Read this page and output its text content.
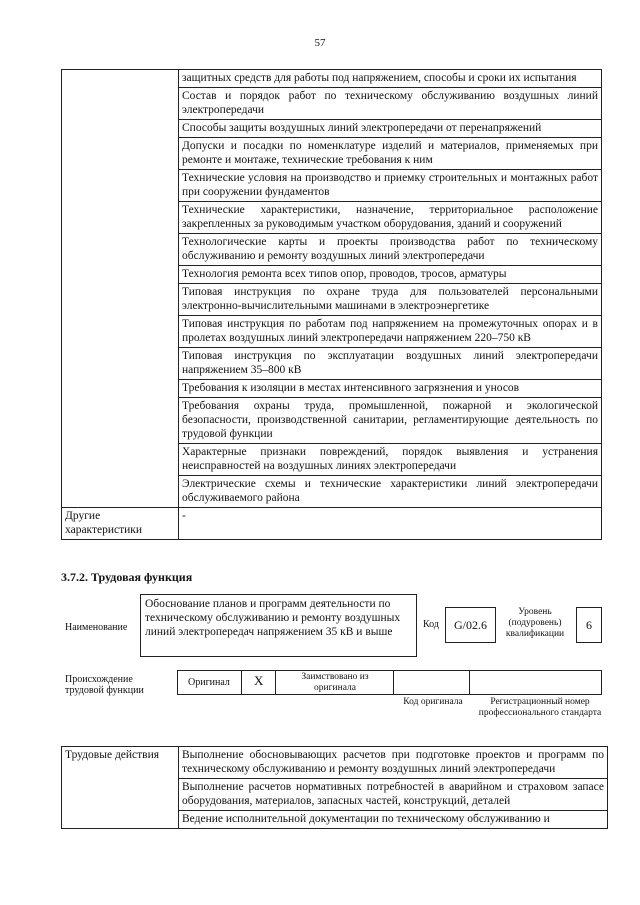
57
	защитных средств для работы под напряжением, способы и сроки их испытания
	Состав и порядок работ по техническому обслуживанию воздушных линий электропередачи
	Способы защиты воздушных линий электропередачи от перенапряжений
	Допуски и посадки по номенклатуре изделий и материалов, применяемых при ремонте и монтаже, технические требования к ним
	Технические условия на производство и приемку строительных и монтажных работ при сооружении фундаментов
	Технические характеристики, назначение, территориальное расположение закрепленных за руководимым участком оборудования, зданий и сооружений
	Технологические карты и проекты производства работ по техническому обслуживанию и ремонту воздушных линий электропередачи
	Технология ремонта всех типов опор, проводов, тросов, арматуры
	Типовая инструкция по охране труда для пользователей персональными электронно-вычислительными машинами в электроэнергетике
	Типовая инструкция по работам под напряжением на промежуточных опорах и в пролетах воздушных линий электропередачи напряжением 220–750 кВ
	Типовая инструкция по эксплуатации воздушных линий электропередачи напряжением 35–800 кВ
	Требования к изоляции в местах интенсивного загрязнения и уносов
	Требования охраны труда, промышленной, пожарной и экологической безопасности, производственной санитарии, регламентирующие деятельность по трудовой функции
	Характерные признаки повреждений, порядок выявления и устранения неисправностей на воздушных линиях электропередачи
	Электрические схемы и технические характеристики линий электропередачи обслуживаемого района
Другие характеристики	-
3.7.2. Трудовая функция
Наименование
Обоснование планов и программ деятельности по техническому обслуживанию и ремонту воздушных линий электропередач напряжением 35 кВ и выше
Код	G/02.6
Уровень (подуровень) квалификации
6
Происхождение трудовой функции
Оригинал X	Заимствовано из оригинала
Код оригинала	Регистрационный номер профессионального стандарта
Трудовые действия	Выполнение обосновывающих расчетов при подготовке проектов и программ по техническому обслуживанию и ремонту воздушных линий электропередачи
Выполнение расчетов нормативных потребностей в аварийном и страховом запасе оборудования, материалов, запасных частей, конструкций, деталей
Ведение исполнительной документации по техническому обслуживанию и
